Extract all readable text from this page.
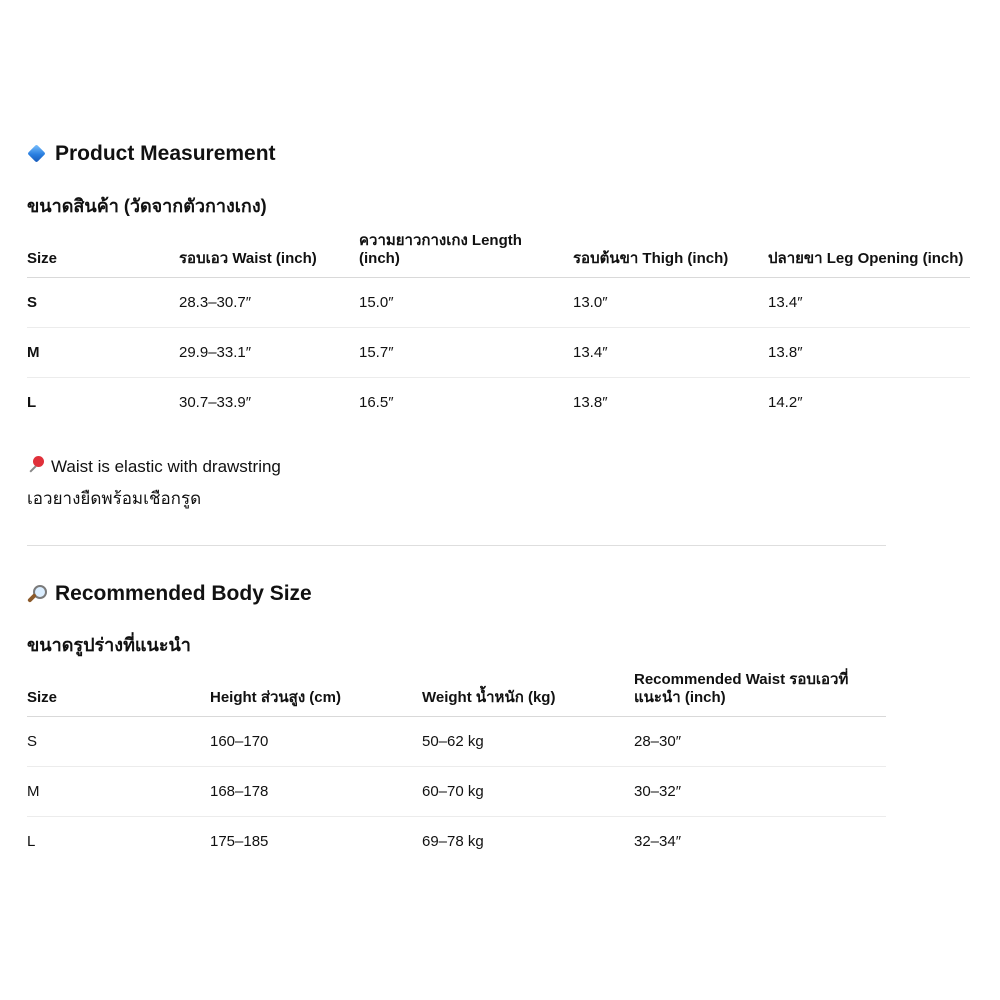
Product Measurement
ขนาดสินค้า (วัดจากตัวกางเกง)
Size	รอบเอว Waist (inch)	ความยาวกางเกง Length (inch)	รอบต้นขา Thigh (inch)	ปลายขา Leg Opening (inch)
S	28.3–30.7″	15.0″	13.0″	13.4″
M	29.9–33.1″	15.7″	13.4″	13.8″
L	30.7–33.9″	16.5″	13.8″	14.2″
Waist is elastic with drawstring
เอวยางยืดพร้อมเชือกรูด
Recommended Body Size
ขนาดรูปร่างที่แนะนำ
Size	Height ส่วนสูง (cm)	Weight น้ำหนัก (kg)	Recommended Waist รอบเอวที่แนะนำ (inch)
S	160–170	50–62 kg	28–30″
M	168–178	60–70 kg	30–32″
L	175–185	69–78 kg	32–34″
